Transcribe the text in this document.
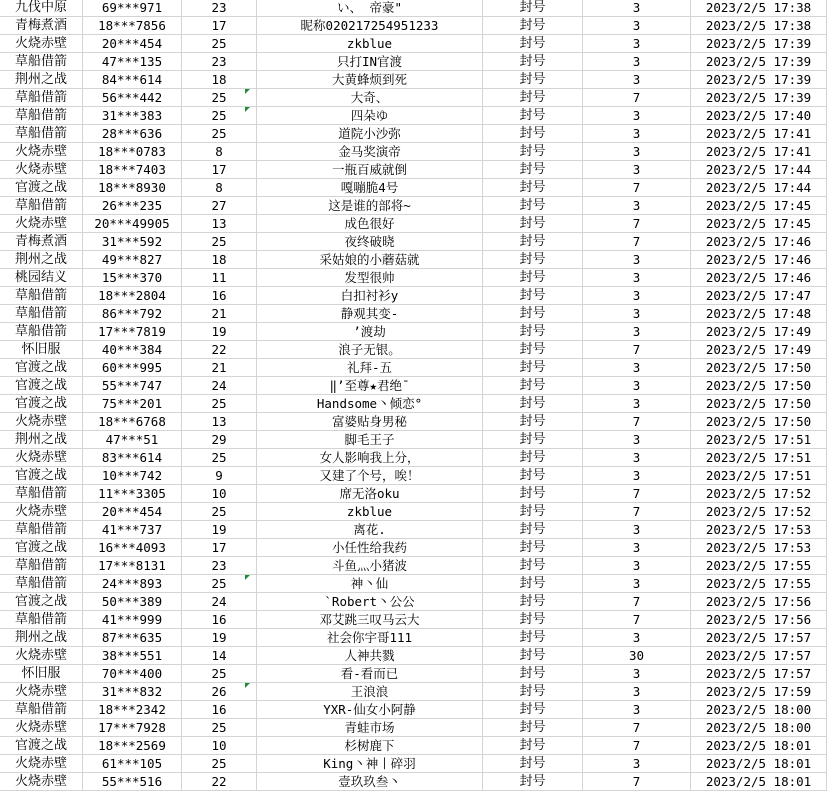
九伐中原	69***971	23	い、 帝豪"	封号	3	2023/2/5 17:38
青梅煮酒	18***7856	17	昵称020217254951233	封号	3	2023/2/5 17:38
火烧赤壁	20***454	25	zkblue	封号	3	2023/2/5 17:39
草船借箭	47***135	23	只打IN官渡	封号	3	2023/2/5 17:39
荆州之战	84***614	18	大黄蜂烦到死	封号	3	2023/2/5 17:39
草船借箭	56***442	25	大奇、	封号	7	2023/2/5 17:39
草船借箭	31***383	25	四朵ゆ	封号	3	2023/2/5 17:40
草船借箭	28***636	25	道院小沙弥	封号	3	2023/2/5 17:41
火烧赤壁	18***0783	8	金马奖演帝	封号	3	2023/2/5 17:41
火烧赤壁	18***7403	17	一瓶百威就倒	封号	3	2023/2/5 17:44
官渡之战	18***8930	8	嘎嘣脆4号	封号	7	2023/2/5 17:44
草船借箭	26***235	27	这是谁的部将~	封号	3	2023/2/5 17:45
火烧赤壁	20***49905	13	成色很好	封号	7	2023/2/5 17:45
青梅煮酒	31***592	25	夜终破晓	封号	7	2023/2/5 17:46
荆州之战	49***827	18	采姑娘的小蘑菇就	封号	3	2023/2/5 17:46
桃园结义	15***370	11	发型很帅	封号	3	2023/2/5 17:46
草船借箭	18***2804	16	白扣衬衫y	封号	3	2023/2/5 17:47
草船借箭	86***792	21	静观其变-	封号	3	2023/2/5 17:48
草船借箭	17***7819	19	’渡劫	封号	3	2023/2/5 17:49
怀旧服	40***384	22	浪子无银。	封号	7	2023/2/5 17:49
官渡之战	60***995	21	礼拜-五	封号	3	2023/2/5 17:50
官渡之战	55***747	24	‖’至尊★君绝¯	封号	3	2023/2/5 17:50
官渡之战	75***201	25	Handsome丶倾恋°	封号	3	2023/2/5 17:50
火烧赤壁	18***6768	13	富婆贴身男秘	封号	7	2023/2/5 17:50
荆州之战	47***51	29	脚毛王子	封号	3	2023/2/5 17:51
火烧赤壁	83***614	25	女人影响我上分，	封号	3	2023/2/5 17:51
官渡之战	10***742	9	又建了个号，唉！	封号	3	2023/2/5 17:51
草船借箭	11***3305	10	席无洛oku	封号	7	2023/2/5 17:52
火烧赤壁	20***454	25	zkblue	封号	7	2023/2/5 17:52
草船借箭	41***737	19	离花.	封号	3	2023/2/5 17:53
官渡之战	16***4093	17	小任性给我药	封号	3	2023/2/5 17:53
草船借箭	17***8131	23	斗鱼灬小猪波	封号	3	2023/2/5 17:55
草船借箭	24***893	25	神丶仙	封号	3	2023/2/5 17:55
官渡之战	50***389	24	`Robert丶公公	封号	7	2023/2/5 17:56
草船借箭	41***999	16	邓艾跳三叹马云大	封号	7	2023/2/5 17:56
荆州之战	87***635	19	社会你宇哥111	封号	3	2023/2/5 17:57
火烧赤壁	38***551	14	人神共戮	封号	30	2023/2/5 17:57
怀旧服	70***400	25	看-看而已	封号	3	2023/2/5 17:57
火烧赤壁	31***832	26	王浪浪	封号	3	2023/2/5 17:59
草船借箭	18***2342	16	YXR-仙女小阿静	封号	3	2023/2/5 18:00
火烧赤壁	17***7928	25	青蛙市场	封号	7	2023/2/5 18:00
官渡之战	18***2569	10	杉树鹿下	封号	7	2023/2/5 18:01
火烧赤壁	61***105	25	King丶神丨碎羽	封号	3	2023/2/5 18:01
火烧赤壁	55***516	22	壹玖玖叁丶	封号	7	2023/2/5 18:01
